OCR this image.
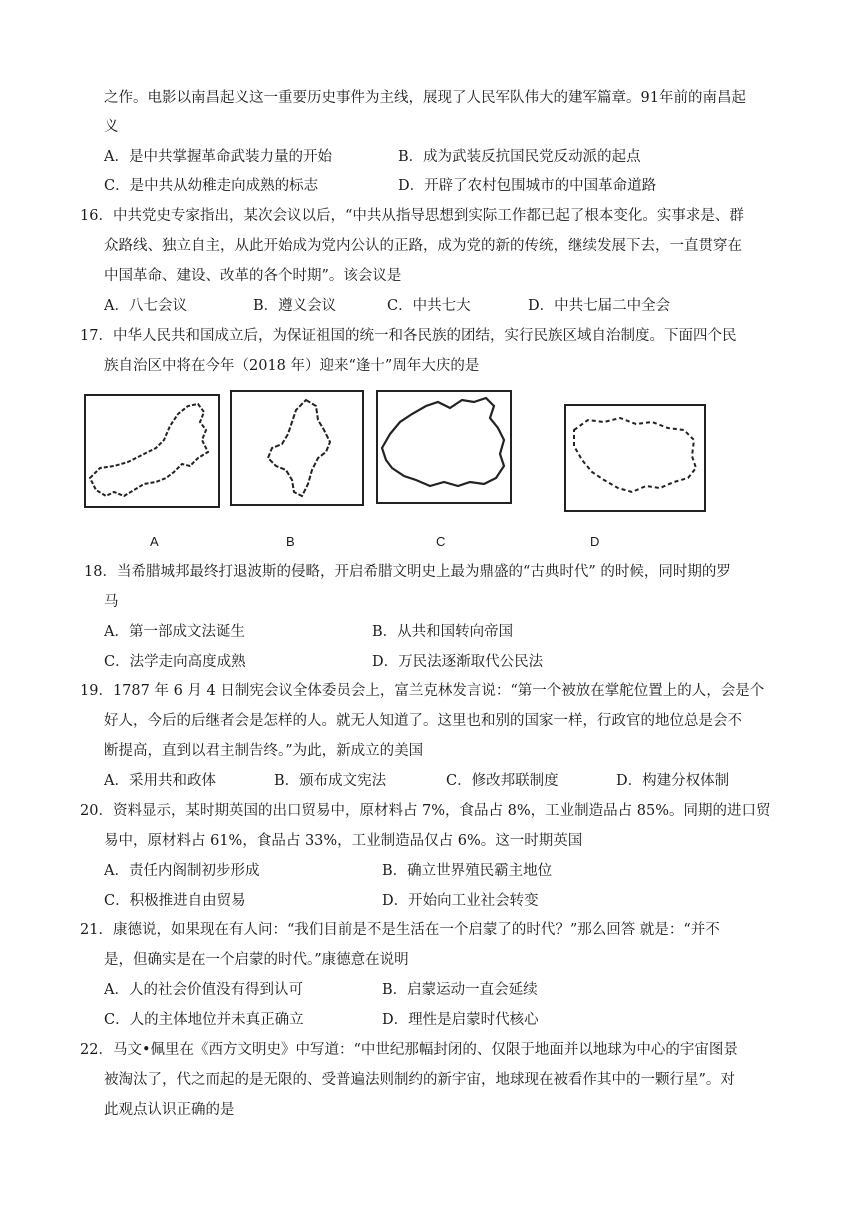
之作。电影以南昌起义这一重要历史事件为主线，展现了人民军队伟大的建军篇章。91年前的南昌起
义
A．是中共掌握革命武装力量的开始	B．成为武装反抗国民党反动派的起点
C．是中共从幼稚走向成熟的标志	D．开辟了农村包围城市的中国革命道路
16．中共党史专家指出，某次会议以后，“中共从指导思想到实际工作都已起了根本变化。实事求是、群
众路线、独立自主，从此开始成为党内公认的正路，成为党的新的传统，继续发展下去，一直贯穿在
中国革命、建设、改革的各个时期”。该会议是
A．八七会议	B．遵义会议	C．中共七大	D．中共七届二中全会
17．中华人民共和国成立后，为保证祖国的统一和各民族的团结，实行民族区域自治制度。下面四个民
族自治区中将在今年（2018 年）迎来“逢十”周年大庆的是
A	B	C	D
18．当希腊城邦最终打退波斯的侵略，开启希腊文明史上最为鼎盛的“古典时代” 的时候，同时期的罗
马
A．第一部成文法诞生	B．从共和国转向帝国
C．法学走向高度成熟	D．万民法逐渐取代公民法
19．1787 年 6 月 4 日制宪会议全体委员会上，富兰克林发言说：“第一个被放在掌舵位置上的人，会是个
好人，今后的后继者会是怎样的人。就无人知道了。这里也和别的国家一样，行政官的地位总是会不
断提高，直到以君主制告终。”为此，新成立的美国
A．采用共和政体	B．颁布成文宪法	C．修改邦联制度	D．构建分权体制
20．资料显示，某时期英国的出口贸易中，原材料占 7%，食品占 8%，工业制造品占 85%。同期的进口贸
易中，原材料占 61%，食品占 33%，工业制造品仅占 6%。这一时期英国
A．责任内阁制初步形成	B．确立世界殖民霸主地位
C．积极推进自由贸易	D．开始向工业社会转变
21．康德说，如果现在有人问：“我们目前是不是生活在一个启蒙了的时代？”那么回答 就是：“并不
是，但确实是在一个启蒙的时代。”康德意在说明
A．人的社会价值没有得到认可	B．启蒙运动一直会延续
C．人的主体地位并未真正确立	D．理性是启蒙时代核心
22．马文•佩里在《西方文明史》中写道：“中世纪那幅封闭的、仅限于地面并以地球为中心的宇宙图景
被淘汰了，代之而起的是无限的、受普遍法则制约的新宇宙，地球现在被看作其中的一颗行星”。对
此观点认识正确的是
